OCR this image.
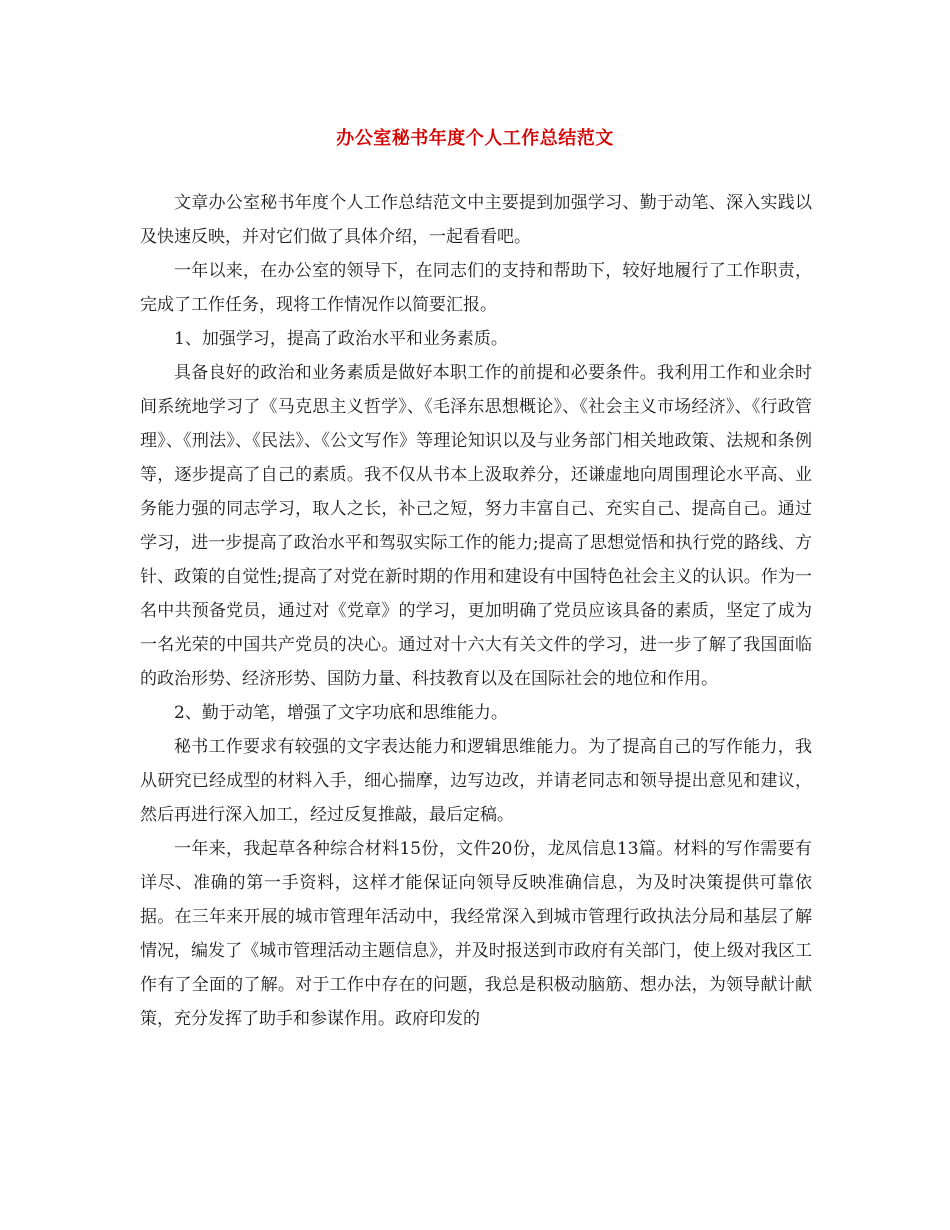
办公室秘书年度个人工作总结范文

文章办公室秘书年度个人工作总结范文中主要提到加强学习、勤于动笔、深入实践以及快速反映，并对它们做了具体介绍，一起看看吧。

一年以来，在办公室的领导下，在同志们的支持和帮助下，较好地履行了工作职责，完成了工作任务，现将工作情况作以简要汇报。

1、加强学习，提高了政治水平和业务素质。

具备良好的政治和业务素质是做好本职工作的前提和必要条件。我利用工作和业余时间系统地学习了《马克思主义哲学》、《毛泽东思想概论》、《社会主义市场经济》、《行政管理》、《刑法》、《民法》、《公文写作》等理论知识以及与业务部门相关地政策、法规和条例等，逐步提高了自己的素质。我不仅从书本上汲取养分，还谦虚地向周围理论水平高、业务能力强的同志学习，取人之长，补己之短，努力丰富自己、充实自己、提高自己。通过学习，进一步提高了政治水平和驾驭实际工作的能力;提高了思想觉悟和执行党的路线、方针、政策的自觉性;提高了对党在新时期的作用和建设有中国特色社会主义的认识。作为一名中共预备党员，通过对《党章》的学习，更加明确了党员应该具备的素质，坚定了成为一名光荣的中国共产党员的决心。通过对十六大有关文件的学习，进一步了解了我国面临的政治形势、经济形势、国防力量、科技教育以及在国际社会的地位和作用。

2、勤于动笔，增强了文字功底和思维能力。

秘书工作要求有较强的文字表达能力和逻辑思维能力。为了提高自己的写作能力，我从研究已经成型的材料入手，细心揣摩，边写边改，并请老同志和领导提出意见和建议，然后再进行深入加工，经过反复推敲，最后定稿。

一年来，我起草各种综合材料15份，文件20份，龙凤信息13篇。材料的写作需要有详尽、准确的第一手资料，这样才能保证向领导反映准确信息，为及时决策提供可靠依据。在三年来开展的城市管理年活动中，我经常深入到城市管理行政执法分局和基层了解情况，编发了《城市管理活动主题信息》，并及时报送到市政府有关部门，使上级对我区工作有了全面的了解。对于工作中存在的问题，我总是积极动脑筋、想办法，为领导献计献策，充分发挥了助手和参谋作用。政府印发的
